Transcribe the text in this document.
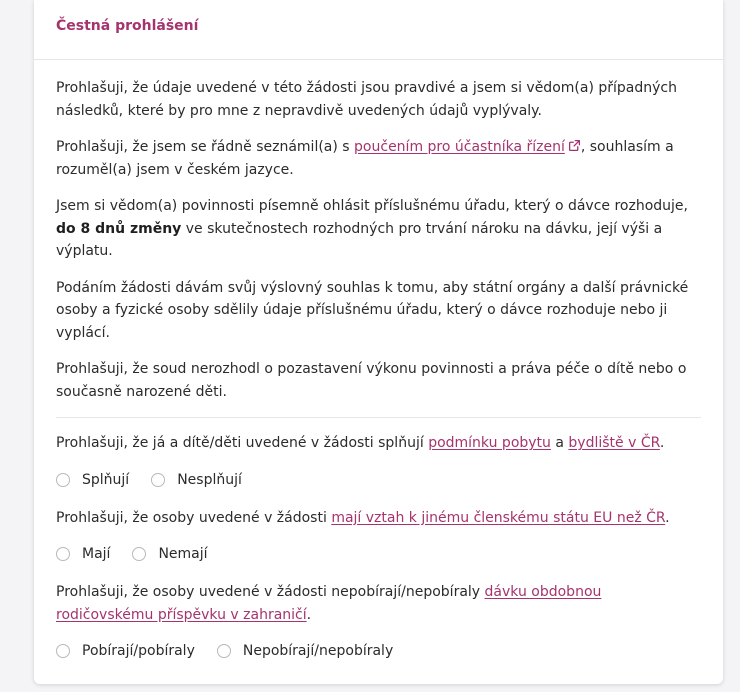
Čestná prohlášení

Prohlašuji, že údaje uvedené v této žádosti jsou pravdivé a jsem si vědom(a) případných následků, které by pro mne z nepravdivě uvedených údajů vyplývaly.

Prohlašuji, že jsem se řádně seznámil(a) s poučením pro účastníka řízení , souhlasím a rozuměl(a) jsem v českém jazyce.

Jsem si vědom(a) povinnosti písemně ohlásit příslušnému úřadu, který o dávce rozhoduje, do 8 dnů změny ve skutečnostech rozhodných pro trvání nároku na dávku, její výši a výplatu.

Podáním žádosti dávám svůj výslovný souhlas k tomu, aby státní orgány a další právnické osoby a fyzické osoby sdělily údaje příslušnému úřadu, který o dávce rozhoduje nebo ji vyplácí.

Prohlašuji, že soud nerozhodl o pozastavení výkonu povinnosti a práva péče o dítě nebo o současně narozené děti.

Prohlašuji, že já a dítě/děti uvedené v žádosti splňují podmínku pobytu a bydliště v ČR.

Splňují	Nesplňují

Prohlašuji, že osoby uvedené v žádosti mají vztah k jinému členskému státu EU než ČR.

Mají	Nemají

Prohlašuji, že osoby uvedené v žádosti nepobírají/nepobíraly dávku obdobnou rodičovskému příspěvku v zahraničí.

Pobírají/pobíraly	Nepobírají/nepobíraly
